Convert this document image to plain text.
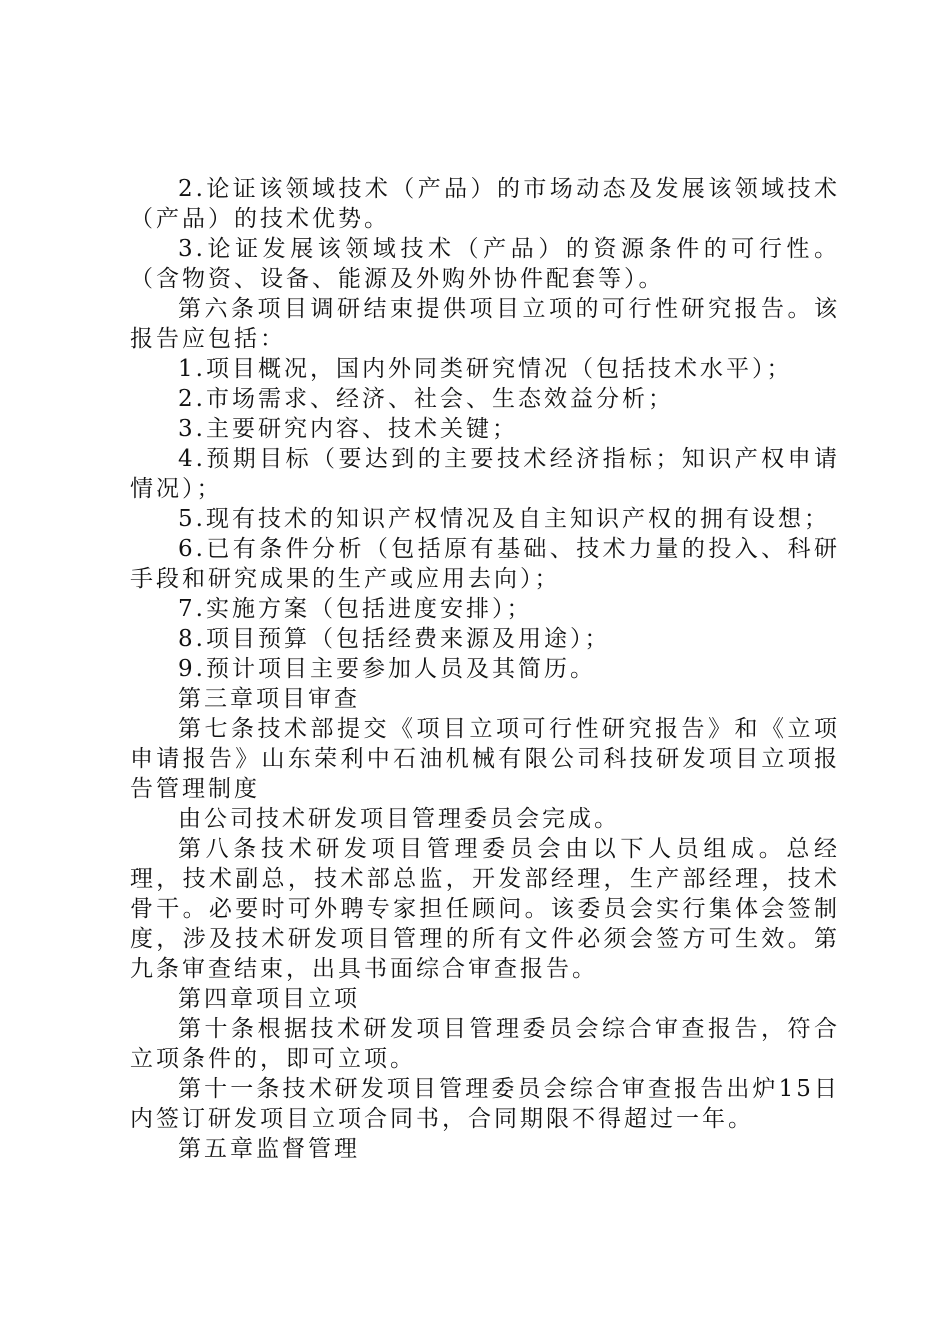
2.论证该领域技术（产品）的市场动态及发展该领域技术（产品）的技术优势。

3.论证发展该领域技术（产品）的资源条件的可行性。（含物资、设备、能源及外购外协件配套等）。

第六条项目调研结束提供项目立项的可行性研究报告。该报告应包括：

1.项目概况，国内外同类研究情况（包括技术水平）；

2.市场需求、经济、社会、生态效益分析；

3.主要研究内容、技术关键；

4.预期目标（要达到的主要技术经济指标；知识产权申请情况）；

5.现有技术的知识产权情况及自主知识产权的拥有设想；

6.已有条件分析（包括原有基础、技术力量的投入、科研手段和研究成果的生产或应用去向）；

7.实施方案（包括进度安排）；

8.项目预算（包括经费来源及用途）；

9.预计项目主要参加人员及其简历。

第三章项目审查

第七条技术部提交《项目立项可行性研究报告》和《立项申请报告》山东荣利中石油机械有限公司科技研发项目立项报告管理制度

由公司技术研发项目管理委员会完成。

第八条技术研发项目管理委员会由以下人员组成。总经理，技术副总，技术部总监，开发部经理，生产部经理，技术骨干。必要时可外聘专家担任顾问。该委员会实行集体会签制度，涉及技术研发项目管理的所有文件必须会签方可生效。第九条审查结束，出具书面综合审查报告。

第四章项目立项

第十条根据技术研发项目管理委员会综合审查报告，符合立项条件的，即可立项。

第十一条技术研发项目管理委员会综合审查报告出炉15日内签订研发项目立项合同书，合同期限不得超过一年。

第五章监督管理
